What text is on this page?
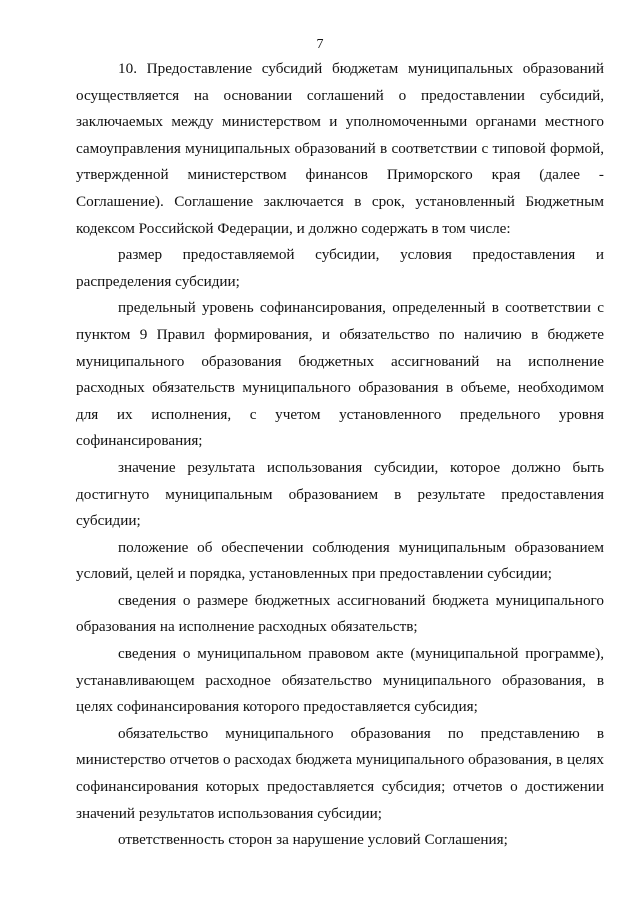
7

10. Предоставление субсидий бюджетам муниципальных образований осуществляется на основании соглашений о предоставлении субсидий, заключаемых между министерством и уполномоченными органами местного самоуправления муниципальных образований в соответствии с типовой формой, утвержденной министерством финансов Приморского края (далее - Соглашение). Соглашение заключается в срок, установленный Бюджетным кодексом Российской Федерации, и должно содержать в том числе:

размер предоставляемой субсидии, условия предоставления и распределения субсидии;

предельный уровень софинансирования, определенный в соответствии с пунктом 9 Правил формирования, и обязательство по наличию в бюджете муниципального образования бюджетных ассигнований на исполнение расходных обязательств муниципального образования в объеме, необходимом для их исполнения, с учетом установленного предельного уровня софинансирования;

значение результата использования субсидии, которое должно быть достигнуто муниципальным образованием в результате предоставления субсидии;

положение об обеспечении соблюдения муниципальным образованием условий, целей и порядка, установленных при предоставлении субсидии;

сведения о размере бюджетных ассигнований бюджета муниципального образования на исполнение расходных обязательств;

сведения о муниципальном правовом акте (муниципальной программе), устанавливающем расходное обязательство муниципального образования, в целях софинансирования которого предоставляется субсидия;

обязательство муниципального образования по представлению в министерство отчетов о расходах бюджета муниципального образования, в целях софинансирования которых предоставляется субсидия; отчетов о достижении значений результатов использования субсидии;

ответственность сторон за нарушение условий Соглашения;
